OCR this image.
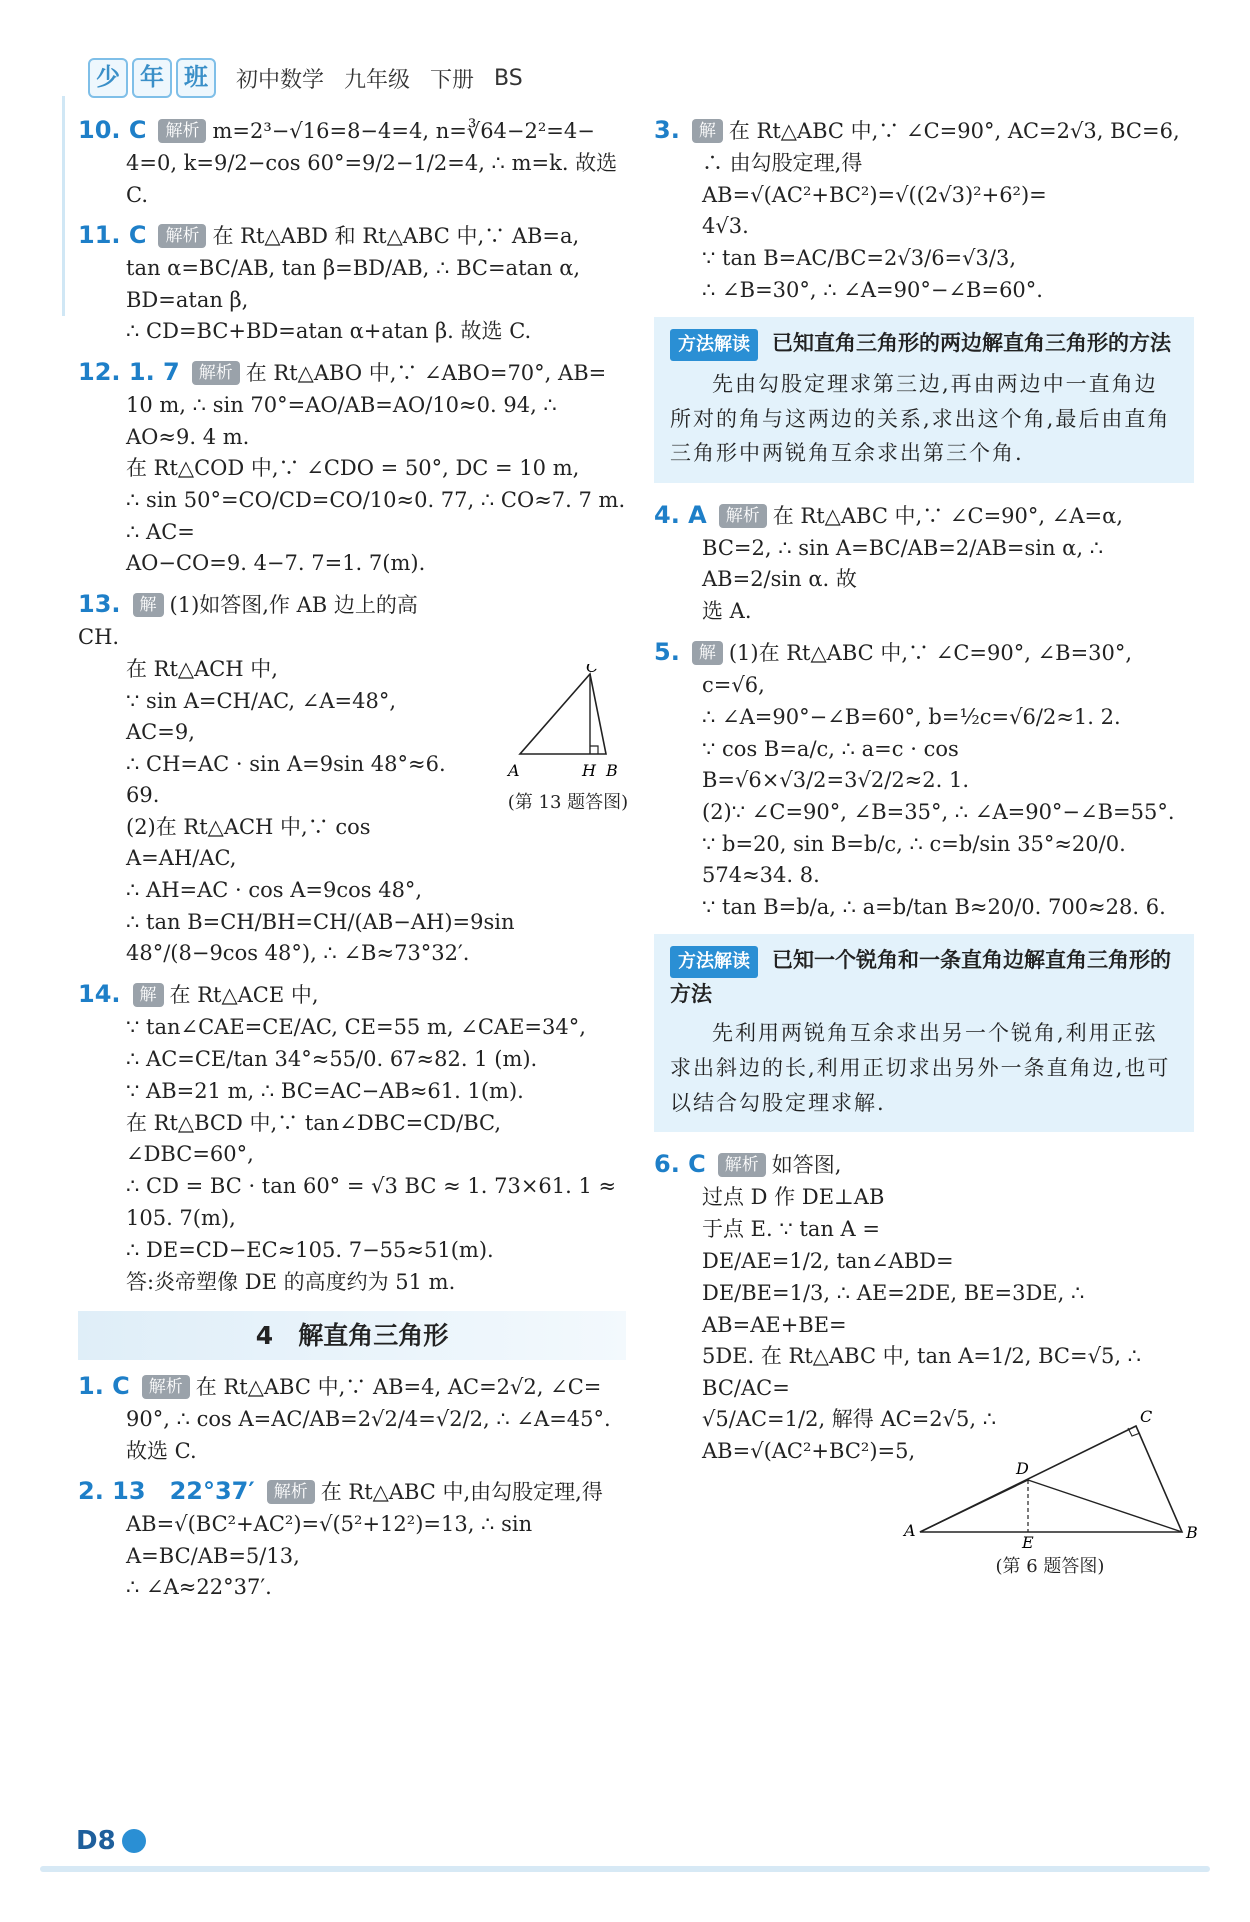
少 年 班	初中数学 九年级 下册 BS
10. C 解析 m=2³−√16=8−4=4, n=∛64−2²=4−
4=0, k=9/2−cos 60°=9/2−1/2=4, ∴ m=k. 故选 C.
11. C 解析 在 Rt△ABD 和 Rt△ABC 中,∵ AB=a,
tan α=BC/AB, tan β=BD/AB, ∴ BC=atan α, BD=atan β,
∴ CD=BC+BD=atan α+atan β. 故选 C.
12. 1. 7 解析 在 Rt△ABO 中,∵ ∠ABO=70°, AB=
10 m, ∴ sin 70°=AO/AB=AO/10≈0. 94, ∴ AO≈9. 4 m.
在 Rt△COD 中,∵ ∠CDO = 50°, DC = 10 m,
∴ sin 50°=CO/CD=CO/10≈0. 77, ∴ CO≈7. 7 m. ∴ AC=
AO−CO=9. 4−7. 7=1. 7(m).
13. 解 (1)如答图,作 AB 边上的高 CH.
在 Rt△ACH 中,
∵ sin A=CH/AC, ∠A=48°, AC=9,
∴ CH=AC · sin A=9sin 48°≈6. 69.
(2)在 Rt△ACH 中,∵ cos A=AH/AC,
∴ AH=AC · cos A=9cos 48°,
∴ tan B=CH/BH=CH/(AB−AH)=9sin 48°/(8−9cos 48°), ∴ ∠B≈73°32′.
14. 解 在 Rt△ACE 中,
∵ tan∠CAE=CE/AC, CE=55 m, ∠CAE=34°,
∴ AC=CE/tan 34°≈55/0. 67≈82. 1 (m).
∵ AB=21 m, ∴ BC=AC−AB≈61. 1(m).
在 Rt△BCD 中,∵ tan∠DBC=CD/BC, ∠DBC=60°,
∴ CD = BC · tan 60° = √3 BC ≈ 1. 73×61. 1 ≈
105. 7(m),
∴ DE=CD−EC≈105. 7−55≈51(m).
答:炎帝塑像 DE 的高度约为 51 m.
4　解直角三角形
1. C 解析 在 Rt△ABC 中,∵ AB=4, AC=2√2, ∠C=
90°, ∴ cos A=AC/AB=2√2/4=√2/2, ∴ ∠A=45°. 故选 C.
2. 13　22°37′ 解析 在 Rt△ABC 中,由勾股定理,得
AB=√(BC²+AC²)=√(5²+12²)=13, ∴ sin A=BC/AB=5/13,
∴ ∠A≈22°37′.
C
A	H B
(第 13 题答图)
3. 解 在 Rt△ABC 中,∵ ∠C=90°, AC=2√3, BC=6,
∴ 由勾股定理,得 AB=√(AC²+BC²)=√((2√3)²+6²)=
4√3.
∵ tan B=AC/BC=2√3/6=√3/3,
∴ ∠B=30°, ∴ ∠A=90°−∠B=60°.
方法解读 已知直角三角形的两边解直角三角形的方法
先由勾股定理求第三边,再由两边中一直角边所对的角与这两边的关系,求出这个角,最后由直角三角形中两锐角互余求出第三个角.
4. A 解析 在 Rt△ABC 中,∵ ∠C=90°, ∠A=α,
BC=2, ∴ sin A=BC/AB=2/AB=sin α, ∴ AB=2/sin α. 故
选 A.
5. 解 (1)在 Rt△ABC 中,∵ ∠C=90°, ∠B=30°,
c=√6,
∴ ∠A=90°−∠B=60°, b=½c=√6/2≈1. 2.
∵ cos B=a/c, ∴ a=c · cos B=√6×√3/2=3√2/2≈2. 1.
(2)∵ ∠C=90°, ∠B=35°, ∴ ∠A=90°−∠B=55°.
∵ b=20, sin B=b/c, ∴ c=b/sin 35°≈20/0. 574≈34. 8.
∵ tan B=b/a, ∴ a=b/tan B≈20/0. 700≈28. 6.
方法解读 已知一个锐角和一条直角边解直角三角形的方法
先利用两锐角互余求出另一个锐角,利用正弦求出斜边的长,利用正切求出另外一条直角边,也可以结合勾股定理求解.
6. C 解析 如答图,
过点 D 作 DE⊥AB
于点 E. ∵ tan A =
DE/AE=1/2, tan∠ABD=
DE/BE=1/3, ∴ AE=2DE, BE=3DE, ∴ AB=AE+BE=
5DE. 在 Rt△ABC 中, tan A=1/2, BC=√5, ∴ BC/AC=
√5/AC=1/2, 解得 AC=2√5, ∴ AB=√(AC²+BC²)=5,
C
D
A
E
B
(第 6 题答图)
D8
